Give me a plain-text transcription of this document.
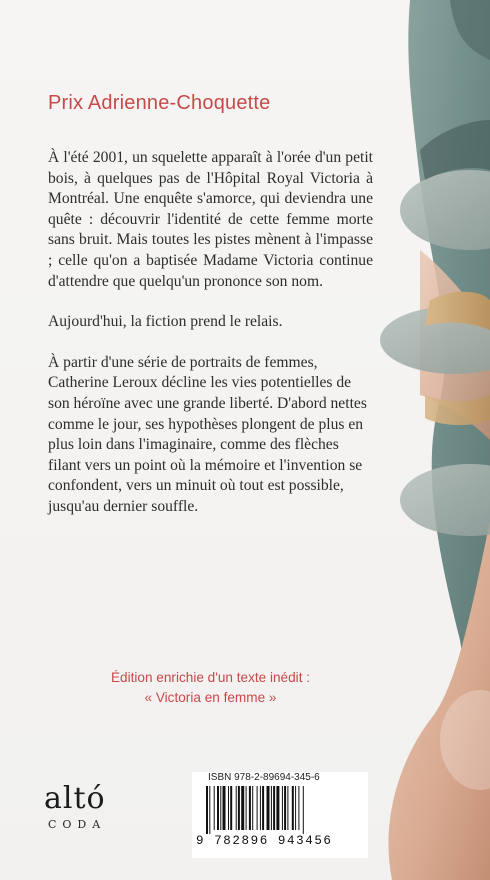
Prix Adrienne-Choquette

À l'été 2001, un squelette apparaît à l'orée d'un petit bois, à quelques pas de l'Hôpital Royal Victoria à Montréal. Une enquête s'amorce, qui deviendra une quête : découvrir l'identité de cette femme morte sans bruit. Mais toutes les pistes mènent à l'impasse ; celle qu'on a baptisée Madame Victoria continue d'attendre que quelqu'un prononce son nom.

Aujourd'hui, la fiction prend le relais.

À partir d'une série de portraits de femmes, Catherine Leroux décline les vies potentielles de son héroïne avec une grande liberté. D'abord nettes comme le jour, ses hypothèses plongent de plus en plus loin dans l'imaginaire, comme des flèches filant vers un point où la mémoire et l'invention se confondent, vers un minuit où tout est possible, jusqu'au dernier souffle.

Édition enrichie d'un texte inédit :
« Victoria en femme »
altó
CODA
ISBN 978-2-89694-345-6
9 782896 943456
